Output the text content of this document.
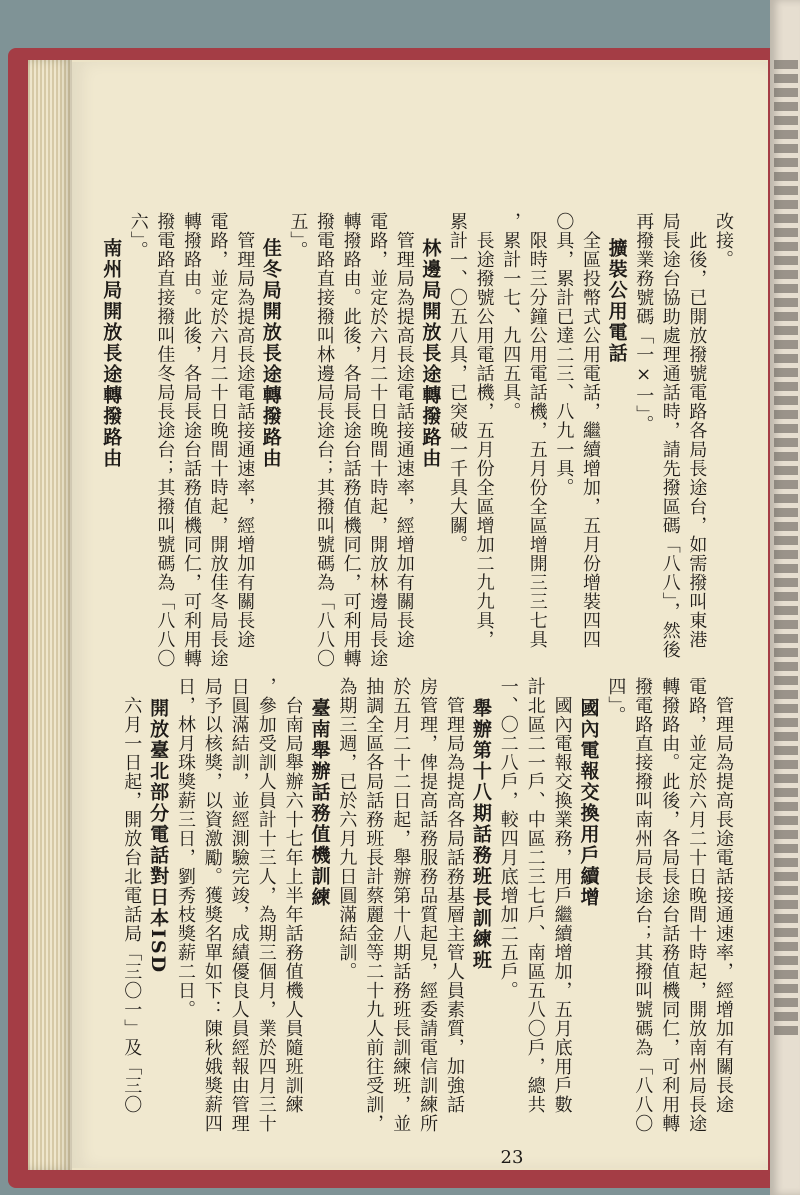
改接。
　此後，已開放撥號電路各局長途台，如需撥叫東港
局長途台協助處理通話時，請先撥區碼「八八」，然後
再撥業務號碼「一×一」。
擴裝公用電話
　全區投幣式公用電話，繼續增加，五月份增裝四四
〇具，累計已達二三、八九一具。
　限時三分鐘公用電話機，五月份全區增開三三七具
，累計一七、九四五具。
　長途撥號公用電話機，五月份全區增加二九九具，
累計一、〇五八具，已突破一千具大關。
林邊局開放長途轉撥路由
　管理局為提高長途電話接通速率，經增加有關長途
電路，並定於六月二十日晚間十時起，開放林邊局長途
轉撥路由。此後，各局長途台話務值機同仁，可利用轉
撥電路直接撥叫林邊局長途台；其撥叫號碼為「八八〇
五」。
佳冬局開放長途轉撥路由
　管理局為提高長途電話接通速率，經增加有關長途
電路，並定於六月二十日晚間十時起，開放佳冬局長途
轉撥路由。此後，各局長途台話務值機同仁，可利用轉
撥電路直接撥叫佳冬局長途台；其撥叫號碼為「八八〇
六」。
南州局開放長途轉撥路由
　管理局為提高長途電話接通速率，經增加有關長途
電路，並定於六月二十日晚間十時起，開放南州局長途
轉撥路由。此後，各局長途台話務值機同仁，可利用轉
撥電路直接撥叫南州局長途台；其撥叫號碼為「八八〇
四」。
國內電報交換用戶續增
　國內電報交換業務，用戶繼續增加，五月底用戶數
計北區二一戶、中區二三七戶、南區五八〇戶，總共
一、〇二八戶，較四月底增加二五戶。
舉辦第十八期話務班長訓練班
　管理局為提高各局話務基層主管人員素質，加強話
房管理，俾提高話務服務品質起見，經委請電信訓練所
於五月二十二日起，舉辦第十八期話務班長訓練班，並
抽調全區各局話務班長計蔡麗金等二十九人前往受訓，
為期三週，已於六月九日圓滿結訓。
臺南舉辦話務值機訓練
　台南局舉辦六十七年上半年話務值機人員隨班訓練
，參加受訓人員計十三人，為期三個月，業於四月三十
日圓滿結訓，並經測驗完竣，成績優良人員經報由管理
局予以核獎，以資激勵。獲獎名單如下：陳秋娥獎薪四
日，林月珠獎薪三日，劉秀枝獎薪二日。
開放臺北部分電話對日本ISD
　六月一日起，開放台北電話局「三〇一」及「三〇
23
